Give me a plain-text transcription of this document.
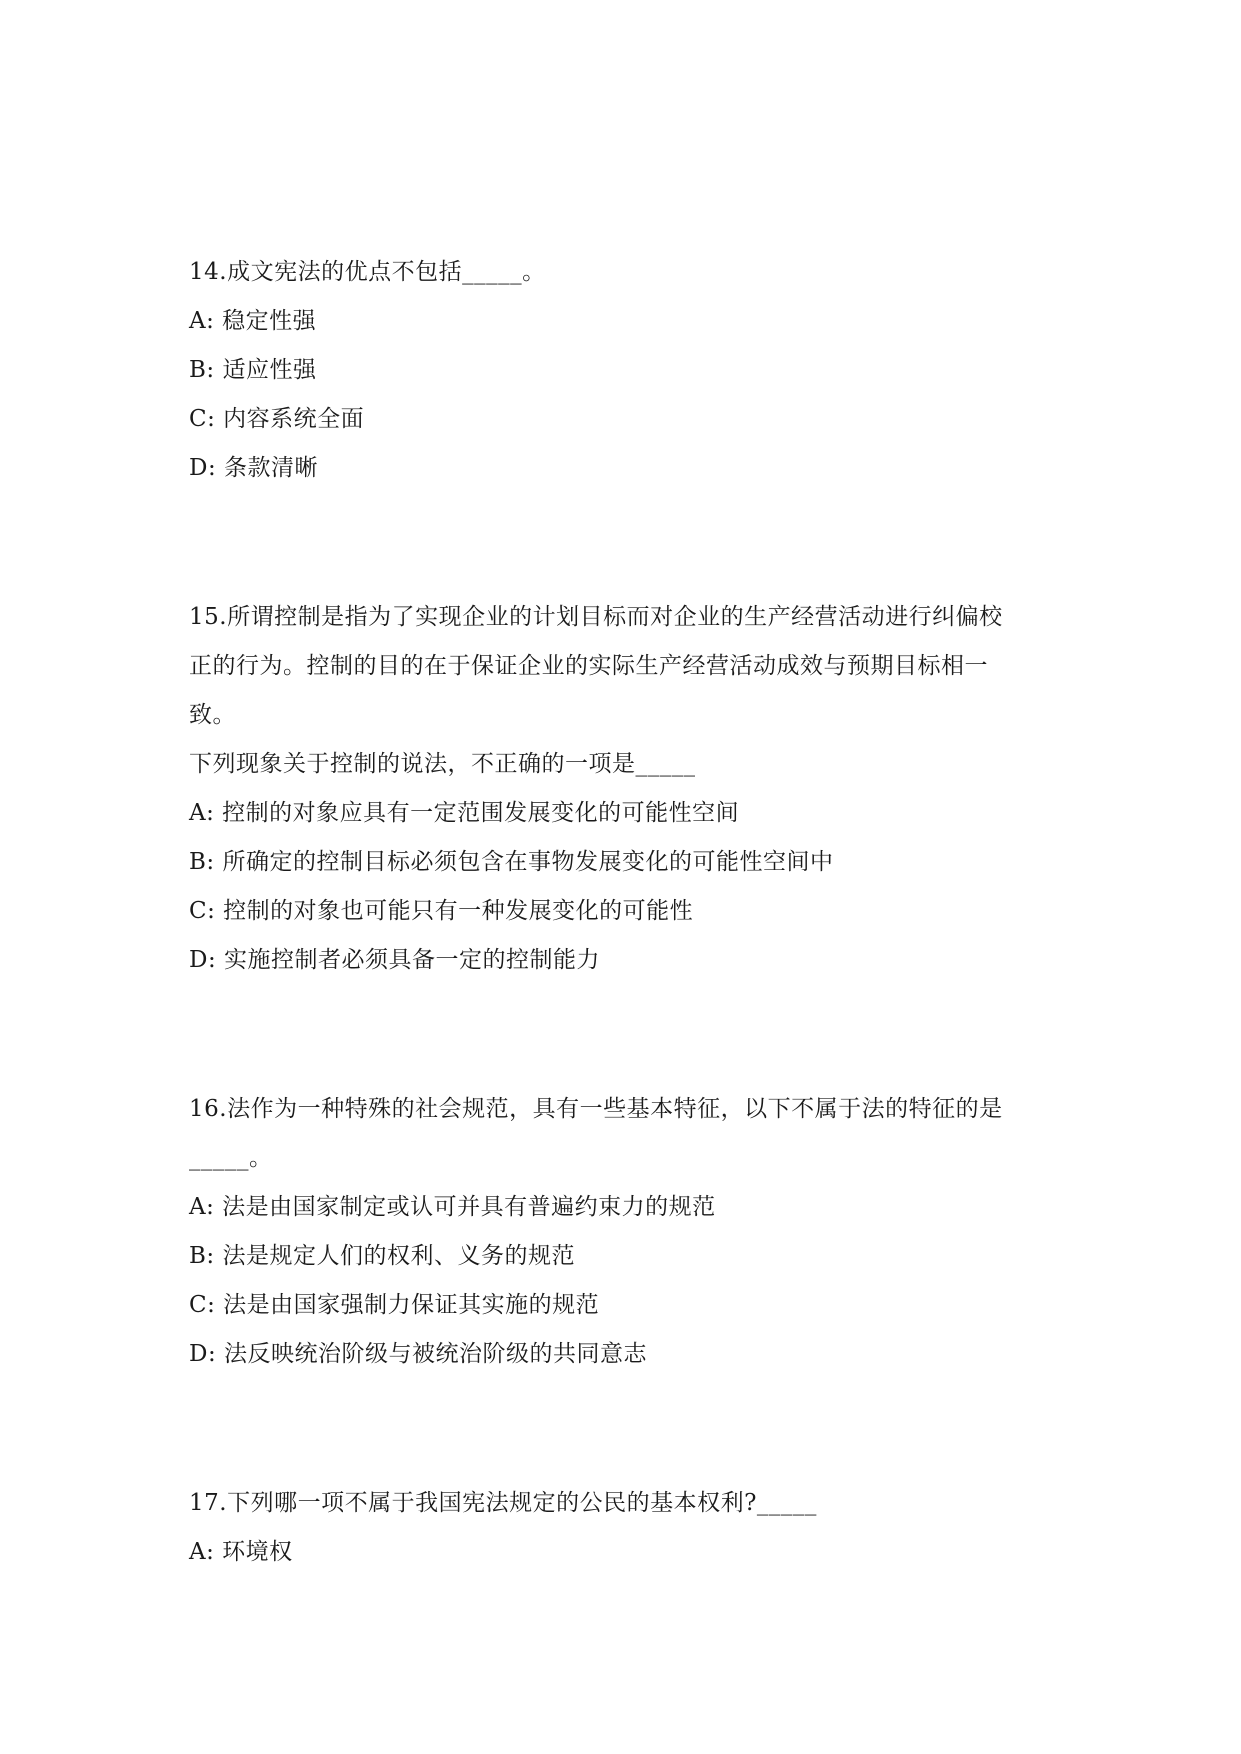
14.成文宪法的优点不包括_____。
A: 稳定性强
B: 适应性强
C: 内容系统全面
D: 条款清晰
15.所谓控制是指为了实现企业的计划目标而对企业的生产经营活动进行纠偏校
正的行为。控制的目的在于保证企业的实际生产经营活动成效与预期目标相一
致。
下列现象关于控制的说法，不正确的一项是_____
A: 控制的对象应具有一定范围发展变化的可能性空间
B: 所确定的控制目标必须包含在事物发展变化的可能性空间中
C: 控制的对象也可能只有一种发展变化的可能性
D: 实施控制者必须具备一定的控制能力
16.法作为一种特殊的社会规范，具有一些基本特征，以下不属于法的特征的是
_____。
A: 法是由国家制定或认可并具有普遍约束力的规范
B: 法是规定人们的权利、义务的规范
C: 法是由国家强制力保证其实施的规范
D: 法反映统治阶级与被统治阶级的共同意志
17.下列哪一项不属于我国宪法规定的公民的基本权利?_____
A: 环境权
